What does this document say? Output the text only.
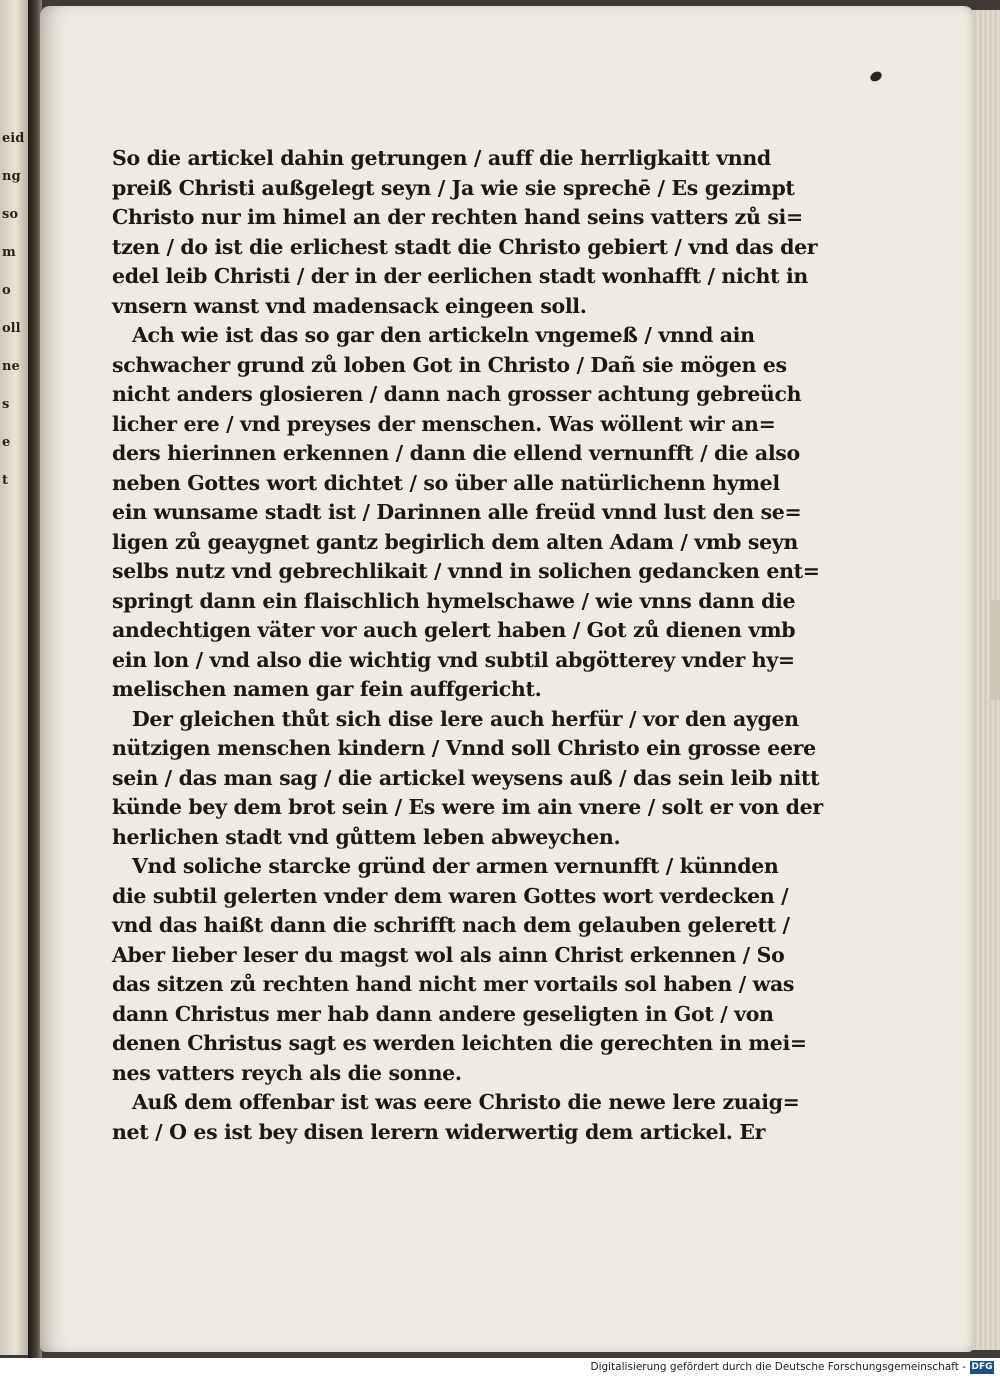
eid
ng
so
m
o
oll
ne
s
e
t
So die artickel dahin getrungen / auff die herrligkaitt vnnd
preiß Christi außgelegt seyn / Ja wie sie sprechē / Es gezimpt
Christo nur im himel an der rechten hand seins vatters zů si=
tzen / do ist die erlichest stadt die Christo gebiert / vnd das der
edel leib Christi / der in der eerlichen stadt wonhafft / nicht in
vnsern wanst vnd madensack eingeen soll.
Ach wie ist das so gar den artickeln vngemeß / vnnd ain
schwacher grund zů loben Got in Christo / Dañ sie mögen es
nicht anders glosieren / dann nach grosser achtung gebreüch
licher ere / vnd preyses der menschen. Was wöllent wir an=
ders hierinnen erkennen / dann die ellend vernunfft / die also
neben Gottes wort dichtet / so über alle natürlichenn hymel
ein wunsame stadt ist / Darinnen alle freüd vnnd lust den se=
ligen zů geaygnet gantz begirlich dem alten Adam / vmb seyn
selbs nutz vnd gebrechlikait / vnnd in solichen gedancken ent=
springt dann ein flaischlich hymelschawe / wie vnns dann die
andechtigen väter vor auch gelert haben / Got zů dienen vmb
ein lon / vnd also die wichtig vnd subtil abgötterey vnder hy=
melischen namen gar fein auffgericht.
Der gleichen thůt sich dise lere auch herfür / vor den aygen
nützigen menschen kindern / Vnnd soll Christo ein grosse eere
sein / das man sag / die artickel weysens auß / das sein leib nitt
künde bey dem brot sein / Es were im ain vnere / solt er von der
herlichen stadt vnd gůttem leben abweychen.
Vnd soliche starcke gründ der armen vernunfft / künnden
die subtil gelerten vnder dem waren Gottes wort verdecken /
vnd das haißt dann die schrifft nach dem gelauben gelerett /
Aber lieber leser du magst wol als ainn Christ erkennen / So
das sitzen zů rechten hand nicht mer vortails sol haben / was
dann Christus mer hab dann andere geseligten in Got / von
denen Christus sagt es werden leichten die gerechten in mei=
nes vatters reych als die sonne.
Auß dem offenbar ist was eere Christo die newe lere zuaig=
net / O es ist bey disen lerern widerwertig dem artickel. Er
Digitalisierung gefördert durch die Deutsche Forschungsgemeinschaft - DFG
